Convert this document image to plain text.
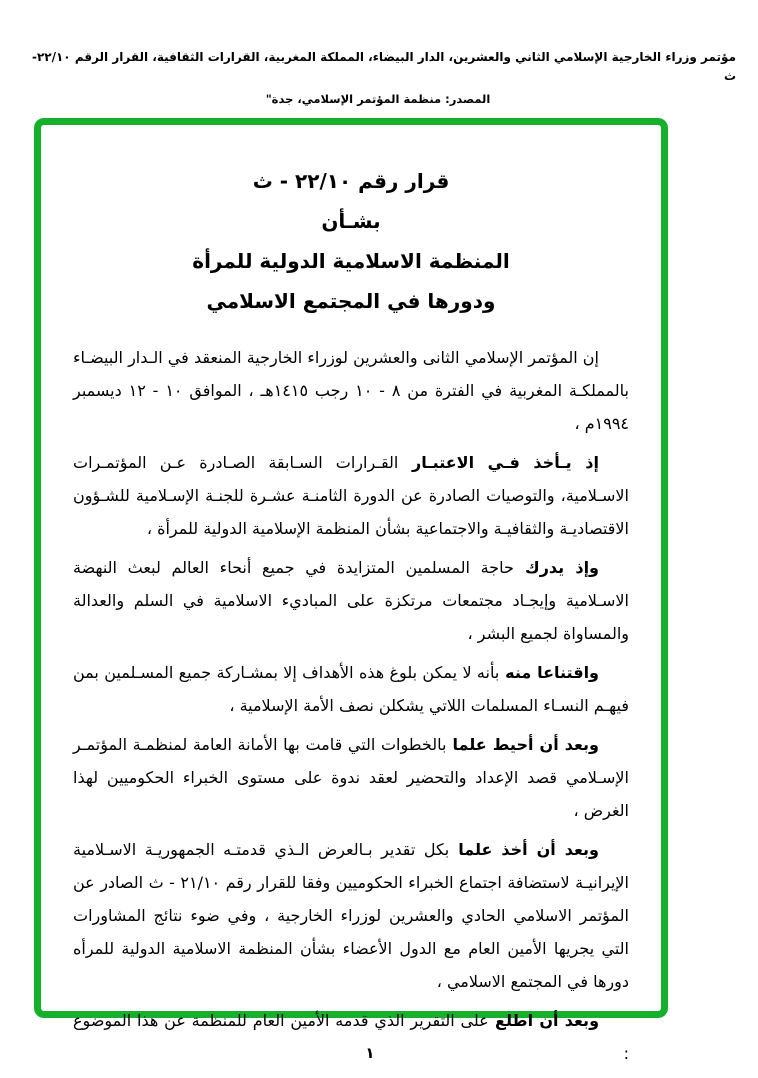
مؤتمر وزراء الخارجية الإسلامي الثاني والعشرين، الدار البيضاء، المملكة المغربية، القرارات الثقافية، القرار الرقم ٢٢/١٠-ث
المصدر: منظمة المؤتمر الإسلامي، جدة"
قرار رقم ٢٢/١٠ - ث
بشـأن
المنظمة الاسلامية الدولية للمرأة
ودورها في المجتمع الاسلامي

إن المؤتمر الإسلامي الثانى والعشرين لوزراء الخارجية المنعقد في الـدار البيضـاء بالمملكـة المغربية في الفترة من ٨ - ١٠ رجب ١٤١٥هـ ، الموافق ١٠ - ١٢ ديسمبر ١٩٩٤م ،

إذ يـأخذ فـي الاعتبـار القـرارات السـابقة الصـادرة عـن المؤتمـرات الاسـلامية، والتوصيات الصادرة عن الدورة الثامنـة عشـرة للجنـة الإسـلامية للشـؤون الاقتصاديـة والثقافيـة والاجتماعية بشأن المنظمة الإسلامية الدولية للمرأة ،

وإذ يدرك حاجة المسلمين المتزايدة في جميع أنحاء العالم لبعث النهضة الاسـلامية وإيجـاد مجتمعات مرتكزة على المباديء الاسلامية في السلم والعدالة والمساواة لجميع البشر ،

واقتناعا منه بأنه لا يمكن بلوغ هذه الأهداف إلا بمشـاركة جميع المسـلمين بمن فيهـم النسـاء المسلمات اللاتي يشكلن نصف الأمة الإسلامية ،

وبعد أن أحيط علما بالخطوات التي قامت بها الأمانة العامة لمنظمـة المؤتمـر الإسـلامي قصد الإعداد والتحضير لعقد ندوة على مستوى الخبراء الحكوميين لهذا الغرض ،

وبعد أن أخذ علما بكل تقدير بـالعرض الـذي قدمتـه الجمهوريـة الاسـلامية الإيرانيـة لاستضافة اجتماع الخبراء الحكوميين وفقا للقرار رقم ٢١/١٠ - ث الصادر عن المؤتمر الاسلامي الحادي والعشرين لوزراء الخارجية ، وفي ضوء نتائج المشاورات التي يجريها الأمين العام مع الدول الأعضاء بشأن المنظمة الاسلامية الدولية للمرأه دورها في المجتمع الاسلامي ،

وبعد أن اطلع على التقرير الذي قدمه الأمين العام للمنظمة عن هذا الموضوع :

١
